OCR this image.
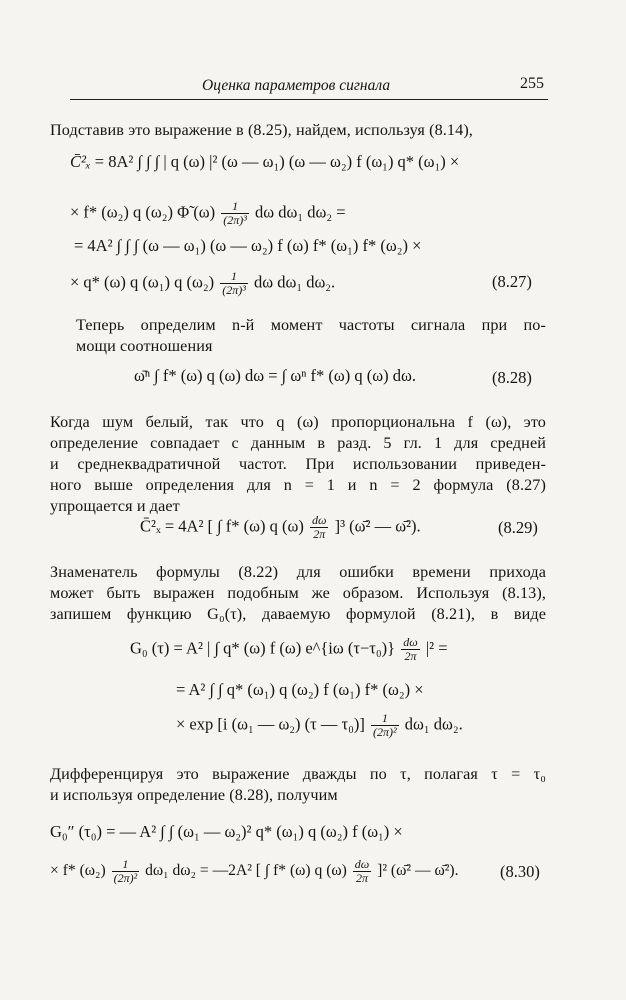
Оценка параметров сигнала	255
Подставив это выражение в (8.25), найдем, используя (8.14),
C̄²ₓ = 8A² ∫ ∫ ∫ | q (ω) |² (ω — ω₁) (ω — ω₂) f (ω₁) q* (ω₁) ×
× f* (ω₂) q (ω₂) Φ̃ $(\omega) \frac{1}{\text{(2π)³}}$ dω dω₁ dω₂ =
= 4A² ∫ ∫ ∫ (ω — ω₁) (ω — ω₂) f (ω) f* (ω₁) f* (ω₂) ×
× q* (ω) q (ω₁) q $(\omega_2) \frac{1}{\text{(2π)³}}$ dω dω₁ dω₂.	(8.27)
Теперь определим n-й момент частоты сигнала при по-
мощи соотношения
ω̄ⁿ ∫ f* (ω) q (ω) dω = ∫ ωⁿ f* (ω) q (ω) dω.	(8.28)
Когда шум белый, так что q (ω) пропорциональна f (ω), это
определение совпадает с данным в разд. 5 гл. 1 для средней
и среднеквадратичной частот. При использовании приведен-
ного выше определения для n = 1 и n = 2 формула (8.27)
упрощается и дает
C̄²ₓ = 4A² [ ∫ f* (ω) q $(\omega) \frac{d\omega}{2\pi} ]^3$ (ω̄² — ω̄²).	(8.29)
Знаменатель формулы (8.22) для ошибки времени прихода
может быть выражен подобным же образом. Используя (8.13),
запишем функцию G₀(τ), даваемую формулой (8.21), в виде
G₀ (τ) = A² | ∫ q* (ω) f (ω) e^{iω $(\tau-\tau_0)\} \frac{d\omega}{2\pi} |^2$ =
= A² ∫ ∫ q* (ω₁) q (ω₂) f (ω₁) f* (ω₂) ×
× exp [i (ω₁ — ω₂) (τ — $\tau_0)] \frac{1}{\text{(2π)²}} d\omega_1$ dω₂.
Дифференцируя это выражение дважды по τ, полагая τ = τ₀
и используя определение (8.28), получим
G₀″ (τ₀) = — A² ∫ ∫ (ω₁ — ω₂)² q* (ω₁) q (ω₂) f (ω₁) ×
× f* $(\omega_2) \frac{1}{\text{(2π)²}} d\omega_1$ dω₂ = —2A² [ ∫ f* (ω) q $(\omega) \frac{d\omega}{2\pi} ]^2$ (ω̄² — ω̄²).	(8.30)
